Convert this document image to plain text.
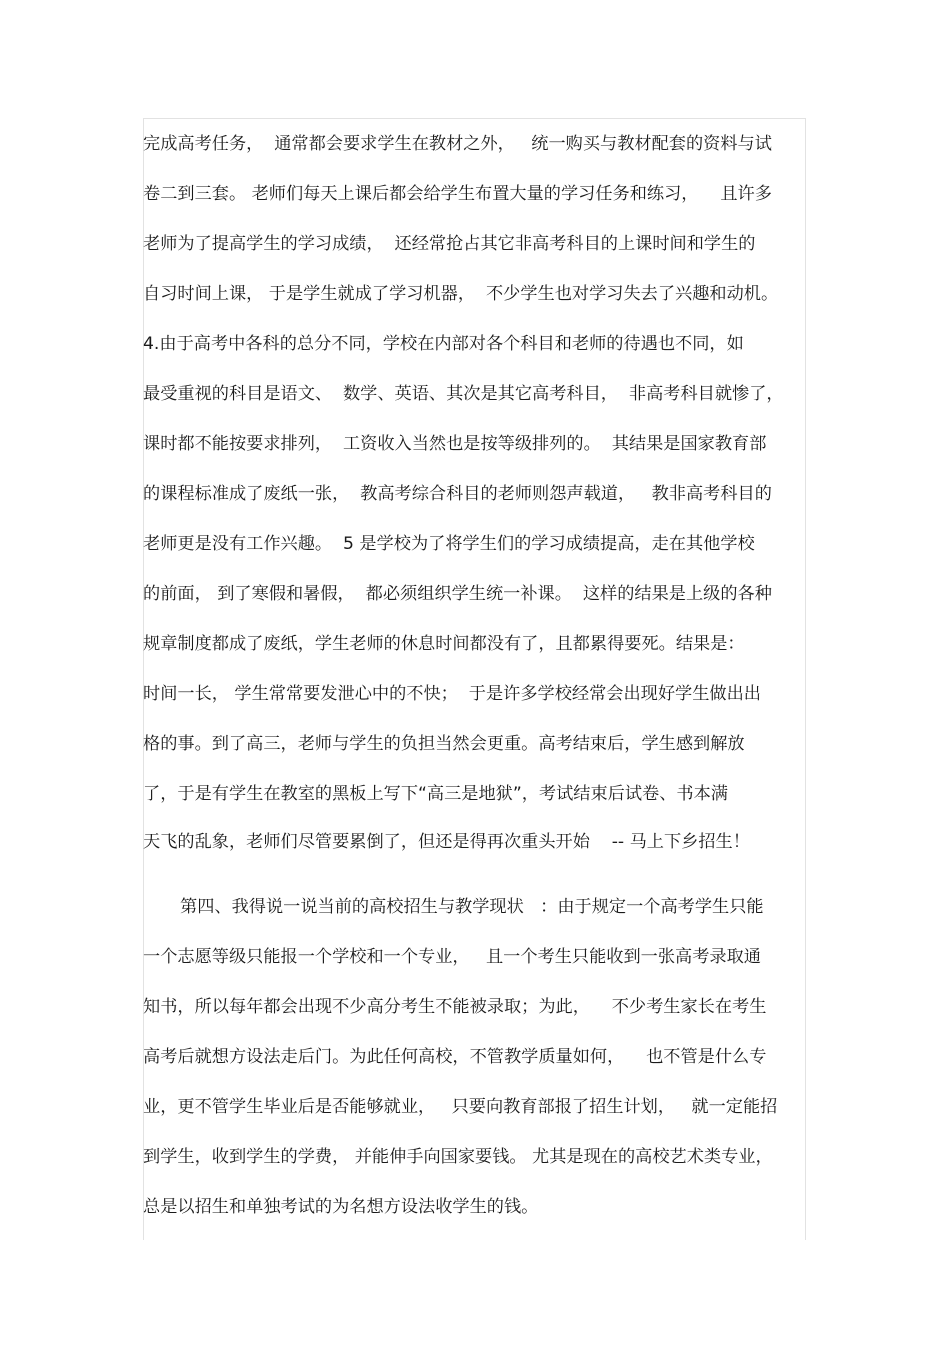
完成高考任务，  通常都会要求学生在教材之外，   统一购买与教材配套的资料与试
卷二到三套。 老师们每天上课后都会给学生布置大量的学习任务和练习，    且许多
老师为了提高学生的学习成绩，  还经常抢占其它非高考科目的上课时间和学生的
自习时间上课， 于是学生就成了学习机器，  不少学生也对学习失去了兴趣和动机。
4.由于高考中各科的总分不同，学校在内部对各个科目和老师的待遇也不同，如
最受重视的科目是语文、  数学、英语、其次是其它高考科目，  非高考科目就惨了，
课时都不能按要求排列，  工资收入当然也是按等级排列的。  其结果是国家教育部
的课程标准成了废纸一张，  教高考综合科目的老师则怨声载道，   教非高考科目的
老师更是没有工作兴趣。  5 是学校为了将学生们的学习成绩提高，走在其他学校
的前面， 到了寒假和暑假，  都必须组织学生统一补课。  这样的结果是上级的各种
规章制度都成了废纸，学生老师的休息时间都没有了，且都累得要死。结果是：
时间一长， 学生常常要发泄心中的不快；  于是许多学校经常会出现好学生做出出
格的事。到了高三，老师与学生的负担当然会更重。高考结束后，学生感到解放
了，于是有学生在教室的黑板上写下“高三是地狱”，考试结束后试卷、书本满
天飞的乱象，老师们尽管要累倒了，但还是得再次重头开始    -- 马上下乡招生！
第四、我得说一说当前的高校招生与教学现状   ：由于规定一个高考学生只能
一个志愿等级只能报一个学校和一个专业，   且一个考生只能收到一张高考录取通
知书，所以每年都会出现不少高分考生不能被录取；为此，    不少考生家长在考生
高考后就想方设法走后门。为此任何高校，不管教学质量如何，    也不管是什么专
业，更不管学生毕业后是否能够就业，   只要向教育部报了招生计划，   就一定能招
到学生，收到学生的学费， 并能伸手向国家要钱。 尤其是现在的高校艺术类专业，
总是以招生和单独考试的为名想方设法收学生的钱。
